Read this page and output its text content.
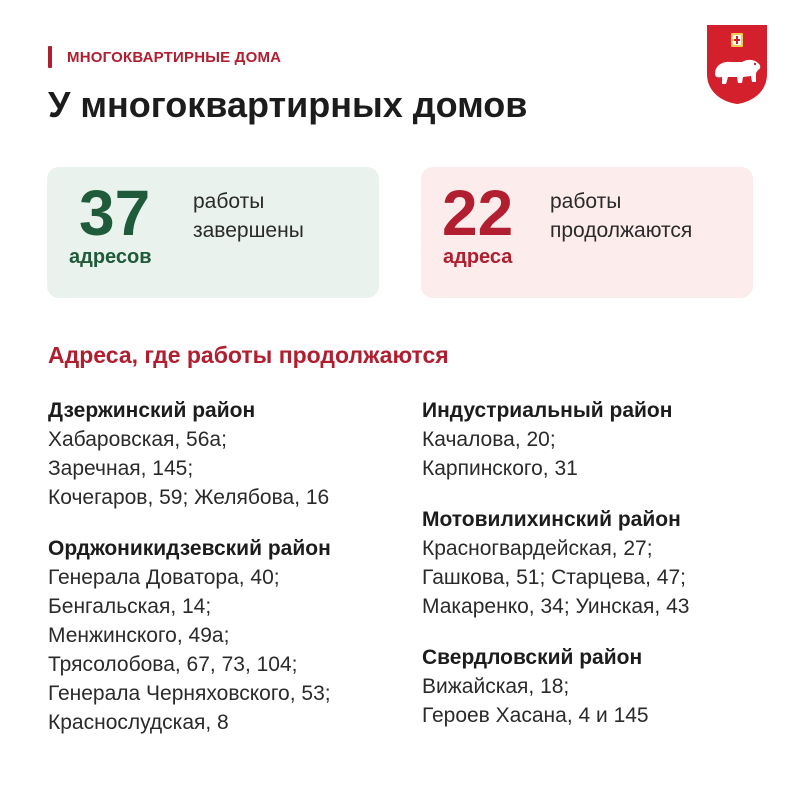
МНОГОКВАРТИРНЫЕ ДОМА
У многоквартирных домов
37
адресов
работы
завершены 22
адреса
работы
продолжаются
Адреса, где работы продолжаются
Дзержинский район
Хабаровская, 56а;
Заречная, 145;
Кочегаров, 59; Желябова, 16
Орджоникидзевский район
Генерала Доватора, 40;
Бенгальская, 14;
Менжинского, 49а;
Трясолобова, 67, 73, 104;
Генерала Черняховского, 53;
Краснослудская, 8
Индустриальный район
Качалова, 20;
Карпинского, 31
Мотовилихинский район
Красногвардейская, 27;
Гашкова, 51; Старцева, 47;
Макаренко, 34; Уинская, 43
Свердловский район
Вижайская, 18;
Героев Хасана, 4 и 145
